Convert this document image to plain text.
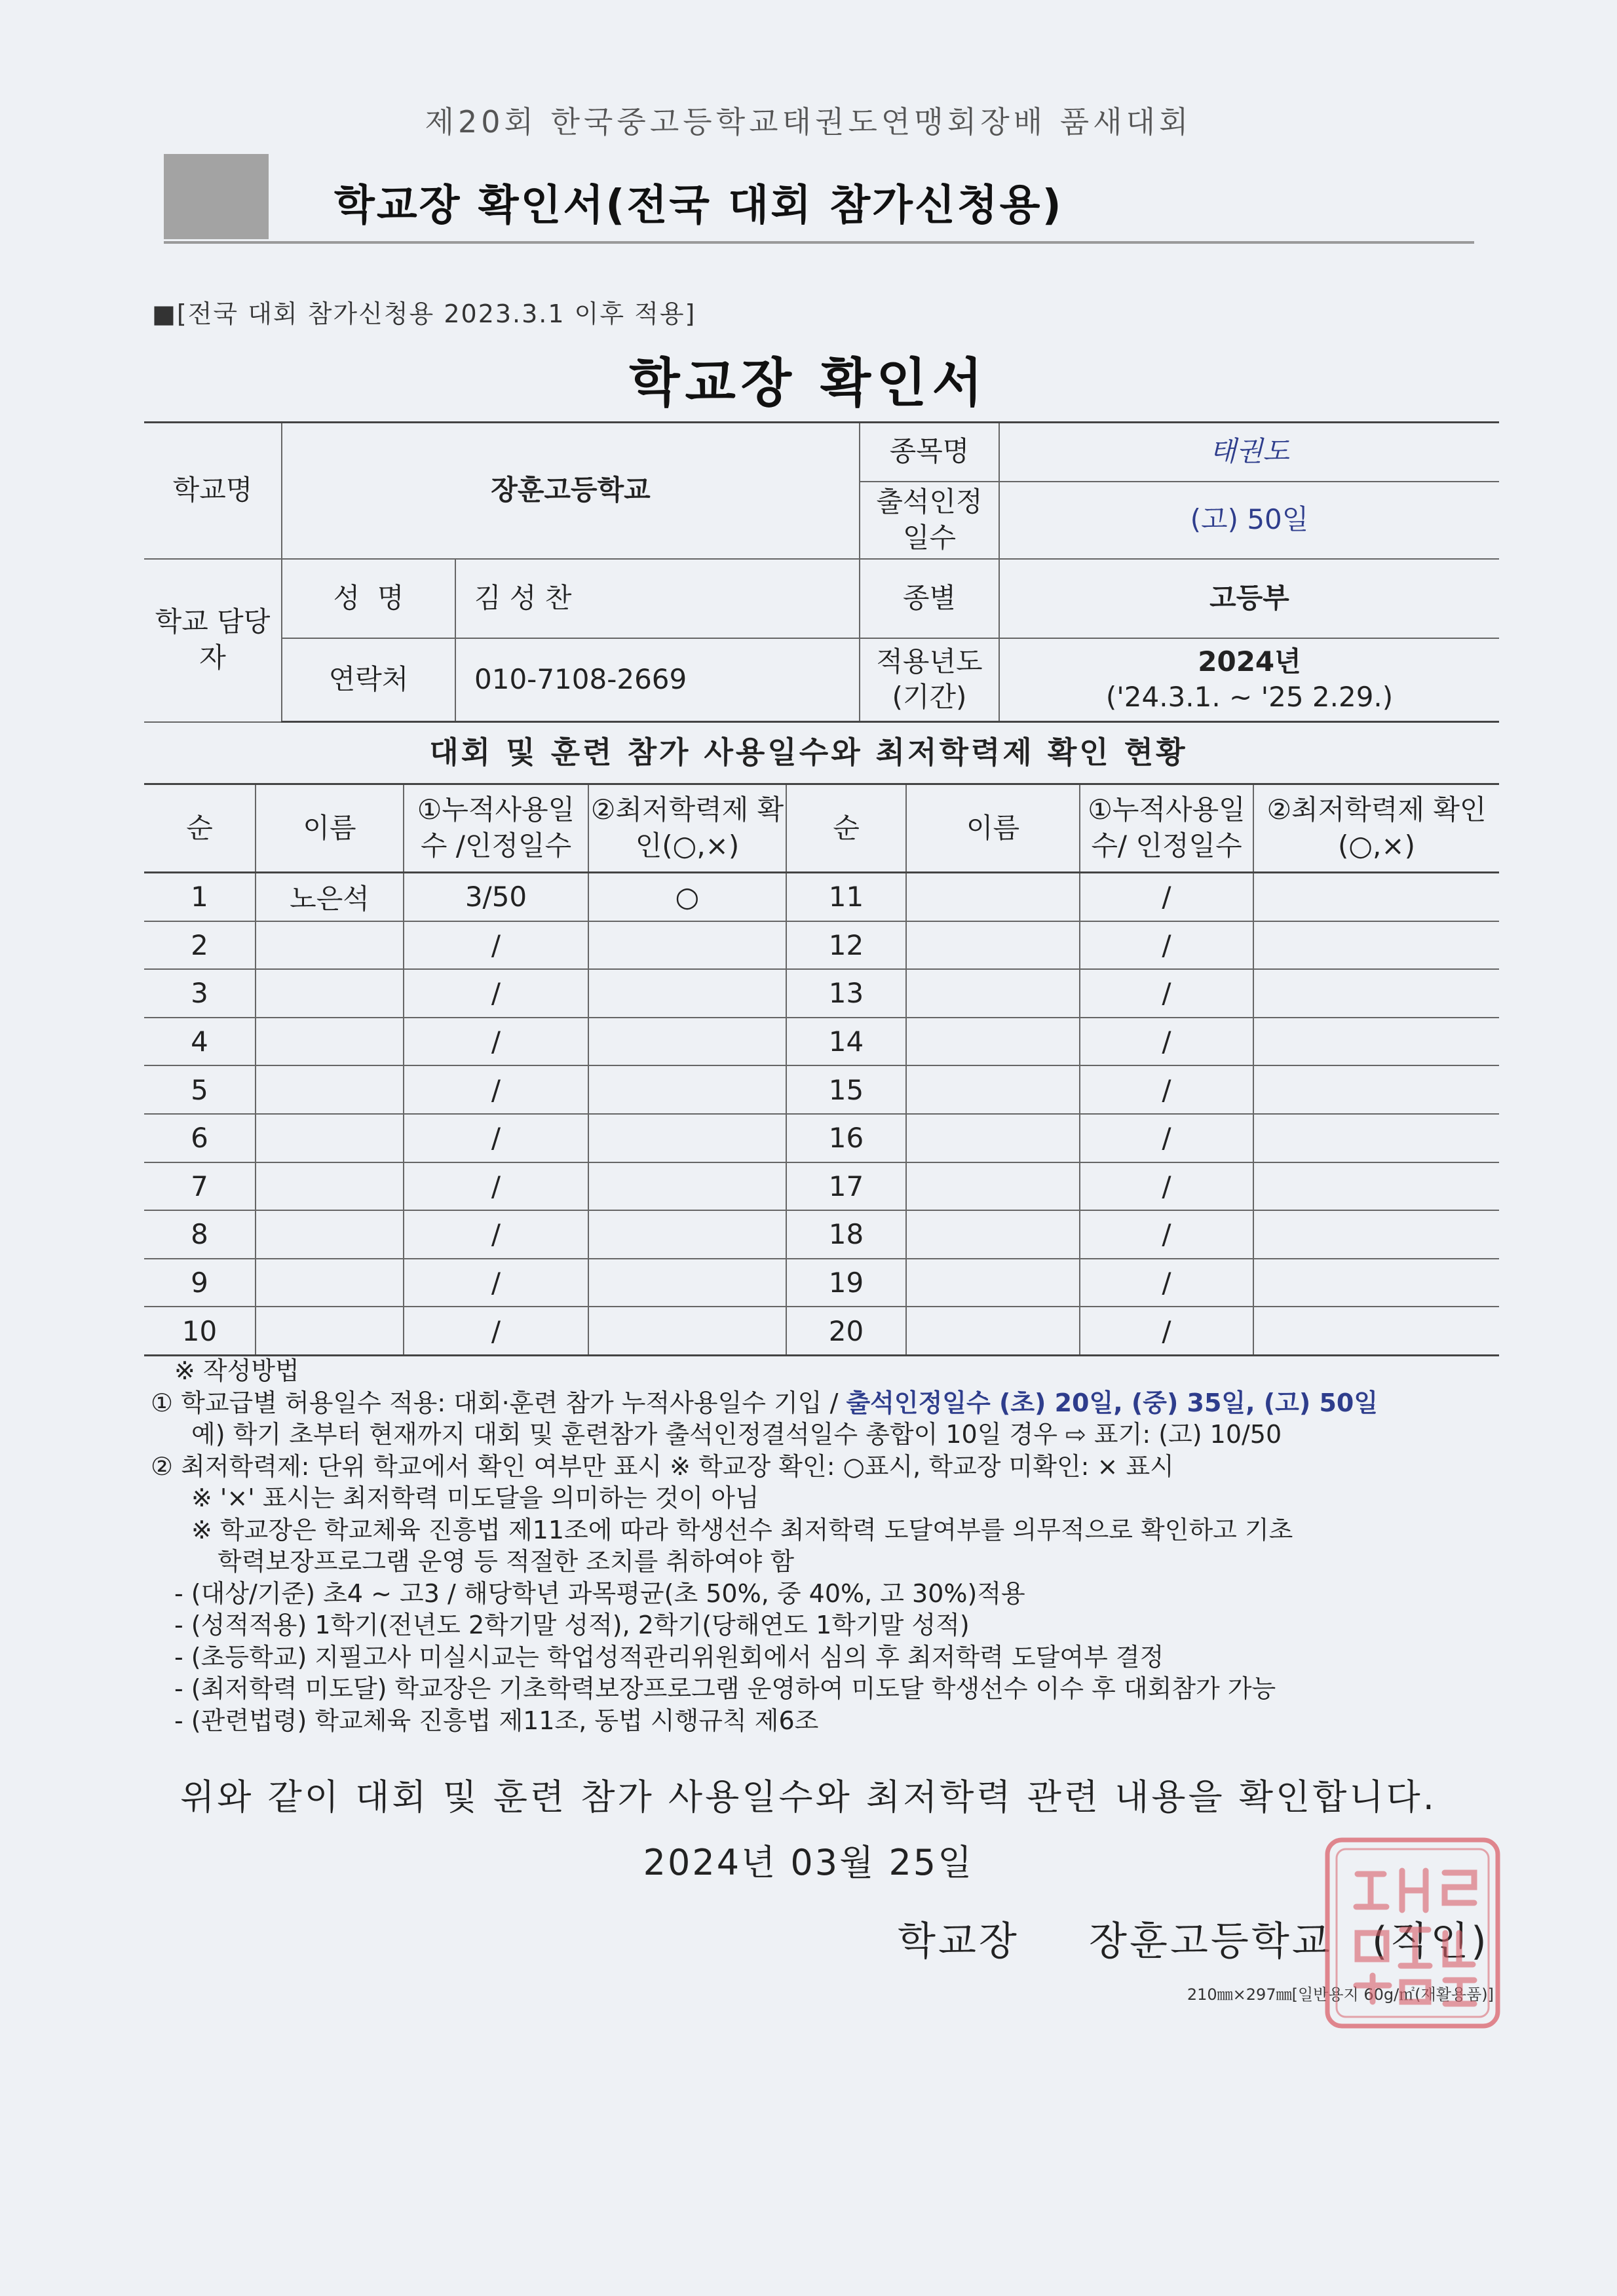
제20회 한국중고등학교태권도연맹회장배 품새대회
학교장 확인서(전국 대회 참가신청용)
■[전국 대회 참가신청용 2023.3.1 이후 적용]
학교장 확인서
학교명	장훈고등학교		종목명	태권도
			출석인정 일수	(고) 50일
학교 담당자	성  명	김 성 찬	종별	고등부
	연락처	010-7108-2669	적용년도 (기간)	2024년
('24.3.1. ~ '25 2.29.)
대회 및 훈련 참가 사용일수와 최저학력제 확인 현황
순	이름	①누적사용일수 /인정일수	②최저학력제 확인(○,×)	순	이름	①누적사용일수/ 인정일수	②최저학력제 확인(○,×)
1	노은석	3/50	○	11		/	
2		/		12		/	
3		/		13		/	
4		/		14		/	
5		/		15		/	
6		/		16		/	
7		/		17		/	
8		/		18		/	
9		/		19		/	
10		/		20		/	
※ 작성방법
① 학교급별 허용일수 적용: 대회·훈련 참가 누적사용일수 기입 / 출석인정일수 (초) 20일, (중) 35일, (고) 50일
예) 학기 초부터 현재까지 대회 및 훈련참가 출석인정결석일수 총합이 10일 경우 ⇨ 표기: (고) 10/50
② 최저학력제: 단위 학교에서 확인 여부만 표시 ※ 학교장 확인: ○표시, 학교장 미확인: × 표시
※ '×' 표시는 최저학력 미도달을 의미하는 것이 아님
※ 학교장은 학교체육 진흥법 제11조에 따라 학생선수 최저학력 도달여부를 의무적으로 확인하고 기초
학력보장프로그램 운영 등 적절한 조치를 취하여야 함
- (대상/기준) 초4 ~ 고3 / 해당학년 과목평균(초 50%, 중 40%, 고 30%)적용
- (성적적용) 1학기(전년도 2학기말 성적), 2학기(당해연도 1학기말 성적)
- (초등학교) 지필고사 미실시교는 학업성적관리위원회에서 심의 후 최저학력 도달여부 결정
- (최저학력 미도달) 학교장은 기초학력보장프로그램 운영하여 미도달 학생선수 이수 후 대회참가 가능
- (관련법령) 학교체육 진흥법 제11조, 동법 시행규칙 제6조
위와 같이 대회 및 훈련 참가 사용일수와 최저학력 관련 내용을 확인합니다.
2024년 03월 25일
학교장 장훈고등학교 (직인)
210㎜×297㎜[일반용지 60g/㎡(재활용품)]
